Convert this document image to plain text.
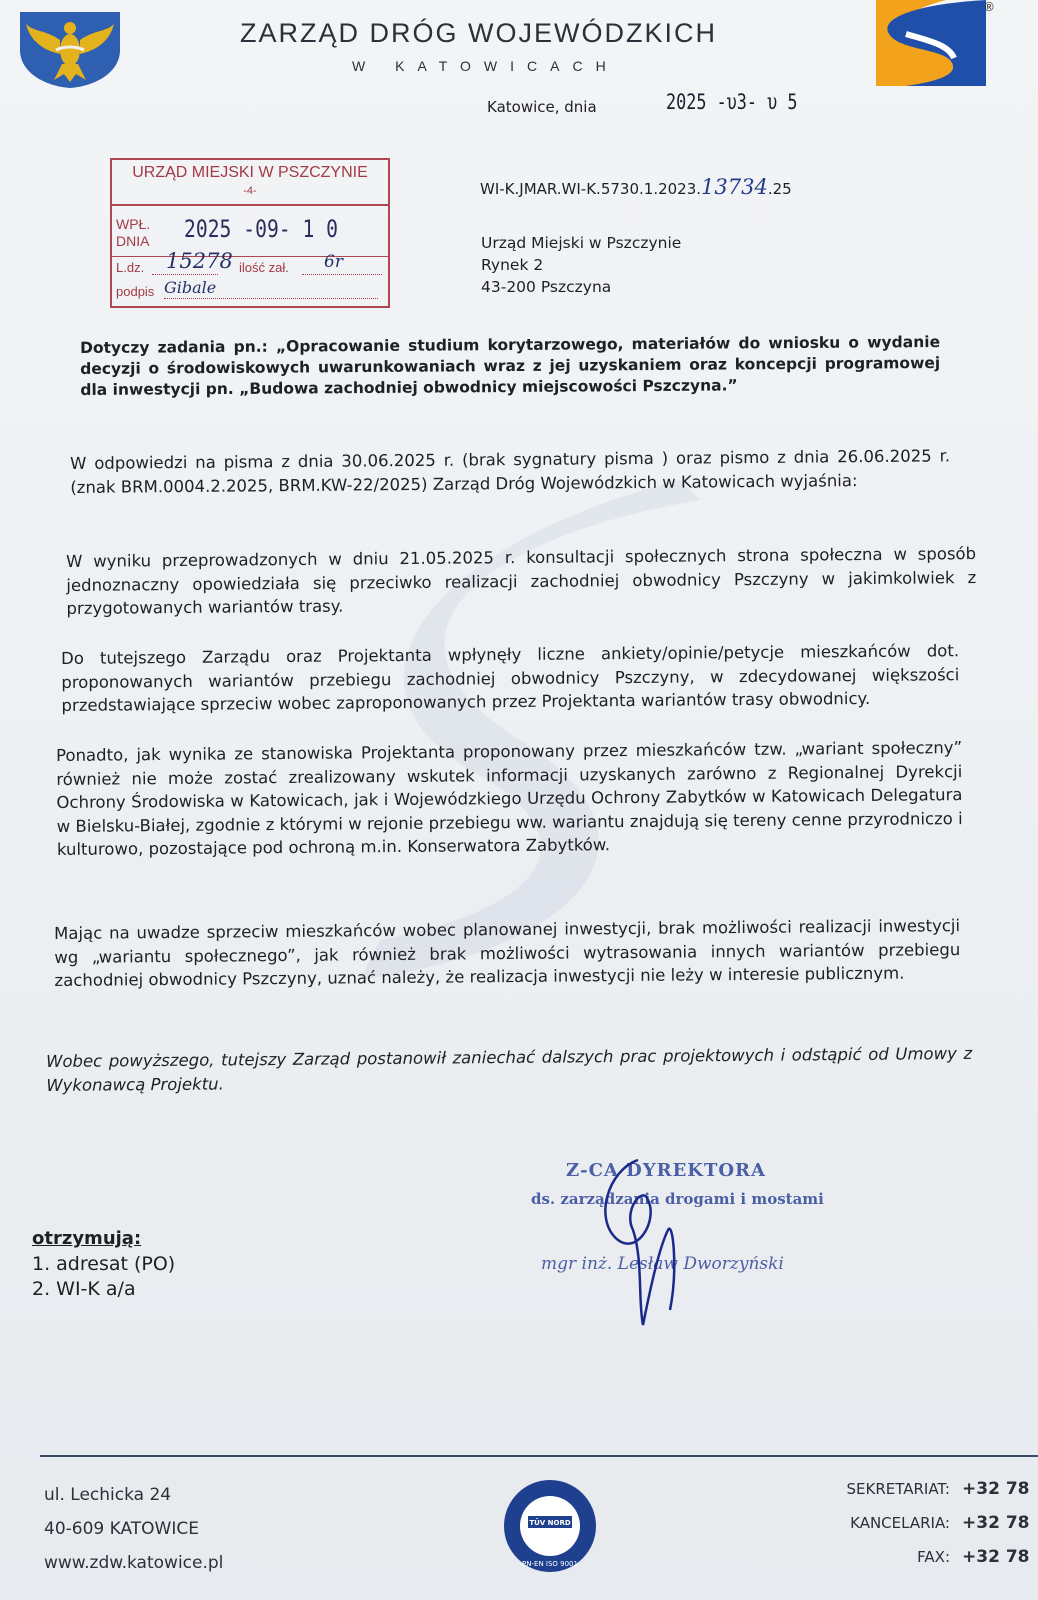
ZARZĄD DRÓG WOJEWÓDZKICH
W KATOWICACH
®
Katowice, dnia	2025 -υ3- υ 5
URZĄD MIEJSKI W PSZCZYNIE
-4-
WPŁ. DNIA	2025 -09- 1 0
L.dz. 15278 ilość zał. 6r
podpis Gibale
WI-K.JMAR.WI-K.5730.1.2023.13734.25
Urząd Miejski w Pszczynie
Rynek 2
43-200 Pszczyna
Dotyczy zadania pn.: „Opracowanie studium korytarzowego, materiałów do wniosku o wydanie decyzji o środowiskowych uwarunkowaniach wraz z jej uzyskaniem oraz koncepcji programowej dla inwestycji pn. „Budowa zachodniej obwodnicy miejscowości Pszczyna.”
W odpowiedzi na pisma z dnia 30.06.2025 r. (brak sygnatury pisma ) oraz pismo z dnia 26.06.2025 r. (znak BRM.0004.2.2025, BRM.KW-22/2025) Zarząd Dróg Wojewódzkich w Katowicach wyjaśnia:
W wyniku przeprowadzonych w dniu 21.05.2025 r. konsultacji społecznych strona społeczna w sposób jednoznaczny opowiedziała się przeciwko realizacji zachodniej obwodnicy Pszczyny w jakimkolwiek z przygotowanych wariantów trasy.
Do tutejszego Zarządu oraz Projektanta wpłynęły liczne ankiety/opinie/petycje mieszkańców dot. proponowanych wariantów przebiegu zachodniej obwodnicy Pszczyny, w zdecydowanej większości przedstawiające sprzeciw wobec zaproponowanych przez Projektanta wariantów trasy obwodnicy.
Ponadto, jak wynika ze stanowiska Projektanta proponowany przez mieszkańców tzw. „wariant społeczny” również nie może zostać zrealizowany wskutek informacji uzyskanych zarówno z Regionalnej Dyrekcji Ochrony Środowiska w Katowicach, jak i Wojewódzkiego Urzędu Ochrony Zabytków w Katowicach Delegatura w Bielsku-Białej, zgodnie z którymi w rejonie przebiegu ww. wariantu znajdują się tereny cenne przyrodniczo i kulturowo, pozostające pod ochroną m.in. Konserwatora Zabytków.
Mając na uwadze sprzeciw mieszkańców wobec planowanej inwestycji, brak możliwości realizacji inwestycji wg „wariantu społecznego”, jak również brak możliwości wytrasowania innych wariantów przebiegu zachodniej obwodnicy Pszczyny, uznać należy, że realizacja inwestycji nie leży w interesie publicznym.
Wobec powyższego, tutejszy Zarząd postanowił zaniechać dalszych prac projektowych i odstąpić od Umowy z Wykonawcą Projektu.
Z-CA DYREKTORA
ds. zarządzania drogami i mostami
mgr inż. Lesław Dworzyński
otrzymują:
1. adresat (PO)
2. WI-K a/a
ul. Lechicka 24
40-609 KATOWICE
www.zdw.katowice.pl
TÜV NORD
PN-EN ISO 9001
SEKRETARIAT:
KANCELARIA:
FAX:
+32 78
+32 78
+32 78
